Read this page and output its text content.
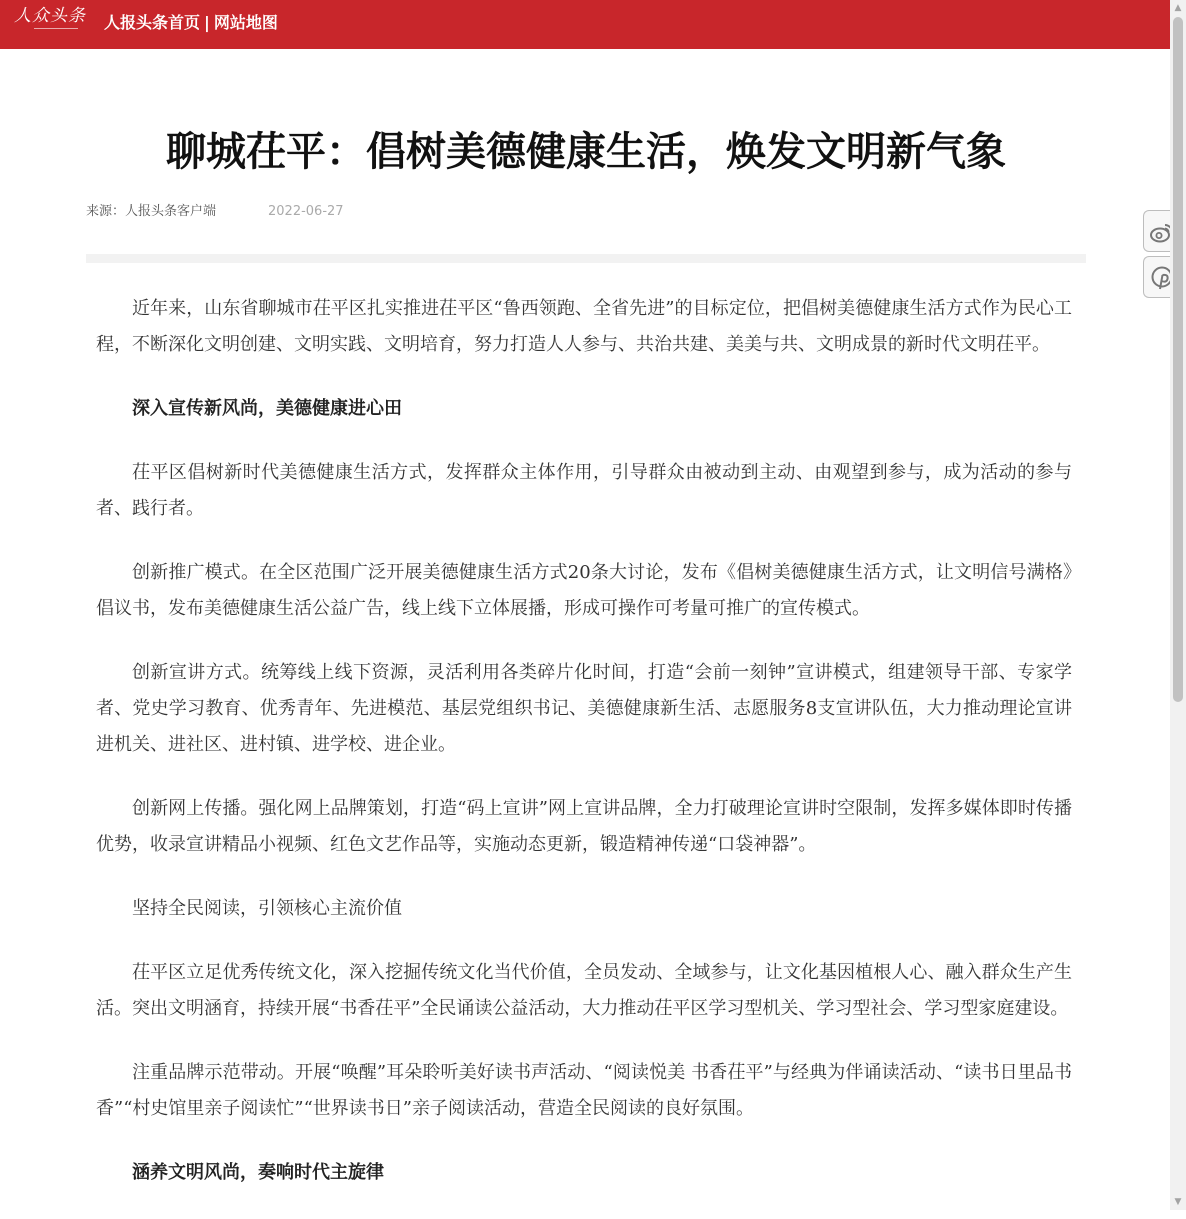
人众头条 人报头条首页 | 网站地图
聊城茌平：倡树美德健康生活，焕发文明新气象
来源：人报头条客户端	2022-06-27

近年来，山东省聊城市茌平区扎实推进茌平区“鲁西领跑、全省先进”的目标定位，把倡树美德健康生活方式作为民心工程，不断深化文明创建、文明实践、文明培育，努力打造人人参与、共治共建、美美与共、文明成景的新时代文明茌平。

深入宣传新风尚，美德健康进心田

茌平区倡树新时代美德健康生活方式，发挥群众主体作用，引导群众由被动到主动、由观望到参与，成为活动的参与者、践行者。

创新推广模式。在全区范围广泛开展美德健康生活方式20条大讨论，发布《倡树美德健康生活方式，让文明信号满格》倡议书，发布美德健康生活公益广告，线上线下立体展播，形成可操作可考量可推广的宣传模式。

创新宣讲方式。统筹线上线下资源，灵活利用各类碎片化时间，打造“会前一刻钟”宣讲模式，组建领导干部、专家学者、党史学习教育、优秀青年、先进模范、基层党组织书记、美德健康新生活、志愿服务8支宣讲队伍，大力推动理论宣讲进机关、进社区、进村镇、进学校、进企业。

创新网上传播。强化网上品牌策划，打造“码上宣讲”网上宣讲品牌，全力打破理论宣讲时空限制，发挥多媒体即时传播优势，收录宣讲精品小视频、红色文艺作品等，实施动态更新，锻造精神传递“口袋神器”。

坚持全民阅读，引领核心主流价值

茌平区立足优秀传统文化，深入挖掘传统文化当代价值，全员发动、全域参与，让文化基因植根人心、融入群众生产生活。突出文明涵育，持续开展“书香茌平”全民诵读公益活动，大力推动茌平区学习型机关、学习型社会、学习型家庭建设。

注重品牌示范带动。开展“唤醒”耳朵聆听美好读书声活动、“阅读悦美 书香茌平”与经典为伴诵读活动、“读书日里品书香”“村史馆里亲子阅读忙”“世界读书日”亲子阅读活动，营造全民阅读的良好氛围。

涵养文明风尚，奏响时代主旋律

▲
▼
